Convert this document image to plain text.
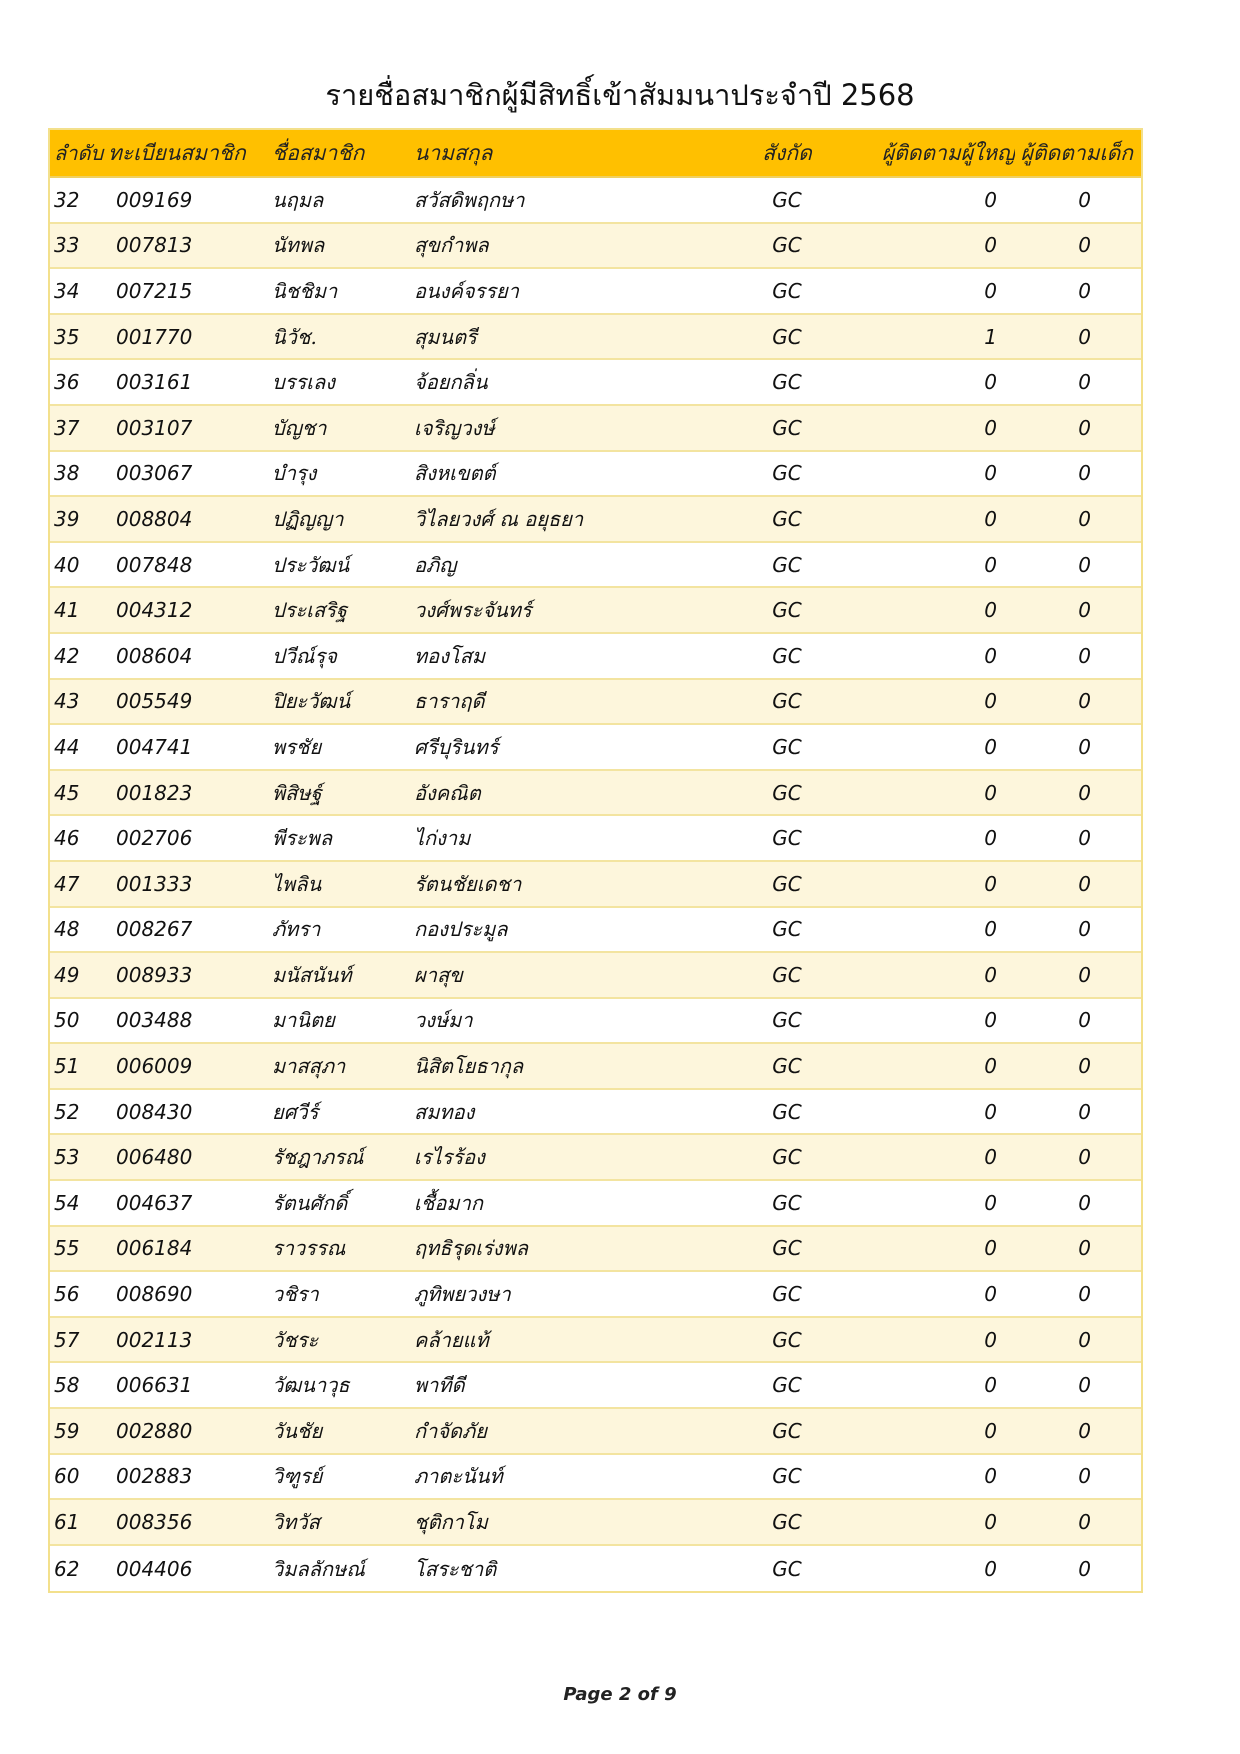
รายชื่อสมาชิกผู้มีสิทธิ์เข้าสัมมนาประจำปี 2568
ลำดับ ทะเบียนสมาชิก	ชื่อสมาชิก	นามสกุล	สังกัด	ผู้ติดตามผู้ใหญ่ ผู้ติดตามเด็ก
32	009169	นฤมล	สวัสดิพฤกษา	GC	0	0
33	007813	นัทพล	สุขกำพล	GC	0	0
34	007215	นิชชิมา	อนงค์จรรยา	GC	0	0
35	001770	นิวัช.	สุมนตรี	GC	1	0
36	003161	บรรเลง	จ้อยกลิ่น	GC	0	0
37	003107	บัญชา	เจริญวงษ์	GC	0	0
38	003067	บำรุง	สิงหเขตต์	GC	0	0
39	008804	ปฏิญญา	วิไลยวงศ์ ณ อยุธยา	GC	0	0
40	007848	ประวัฒน์	อภิญ	GC	0	0
41	004312	ประเสริฐ	วงศ์พระจันทร์	GC	0	0
42	008604	ปวีณ์รุจ	ทองโสม	GC	0	0
43	005549	ปิยะวัฒน์	ธาราฤดี	GC	0	0
44	004741	พรชัย	ศรีบุรินทร์	GC	0	0
45	001823	พิสิษฐ์	อังคณิต	GC	0	0
46	002706	พีระพล	ไก่งาม	GC	0	0
47	001333	ไพลิน	รัตนชัยเดชา	GC	0	0
48	008267	ภัทรา	กองประมูล	GC	0	0
49	008933	มนัสนันท์	ผาสุข	GC	0	0
50	003488	มานิตย	วงษ์มา	GC	0	0
51	006009	มาสสุภา	นิสิตโยธากุล	GC	0	0
52	008430	ยศวีร์	สมทอง	GC	0	0
53	006480	รัชฎาภรณ์	เรไรร้อง	GC	0	0
54	004637	รัตนศักดิ์	เชื้อมาก	GC	0	0
55	006184	ราวรรณ	ฤทธิรุดเร่งพล	GC	0	0
56	008690	วชิรา	ภูทิพยวงษา	GC	0	0
57	002113	วัชระ	คล้ายแท้	GC	0	0
58	006631	วัฒนาวุธ	พาทีดี	GC	0	0
59	002880	วันชัย	กำจัดภัย	GC	0	0
60	002883	วิฑูรย์	ภาตะนันท์	GC	0	0
61	008356	วิทวัส	ชุติกาโม	GC	0	0
62	004406	วิมลลักษณ์	โสระชาติ	GC	0	0
Page 2 of 9
